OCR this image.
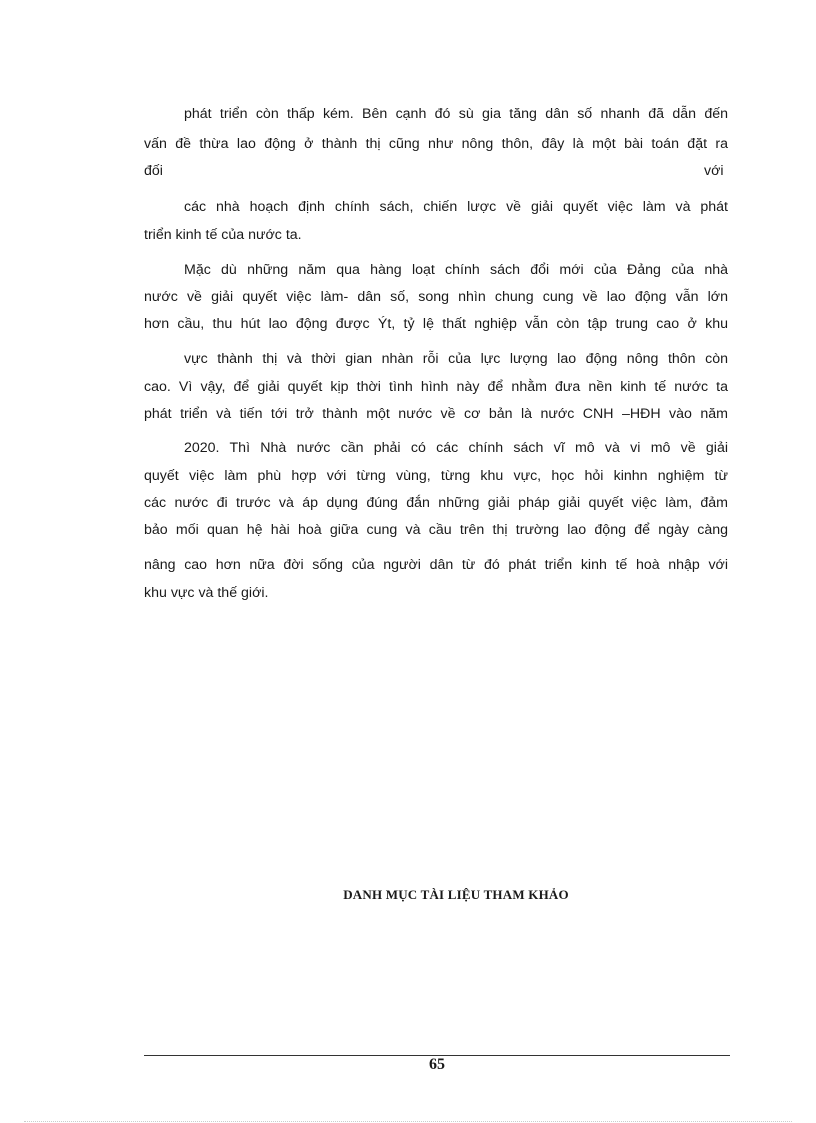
phát triển còn thấp kém. Bên cạnh đó sù gia tăng dân số nhanh đã dẫn đến
vấn đề thừa lao động ở thành thị cũng như nông thôn, đây là một bài toán đặt ra
đối	với
các nhà hoạch định chính sách, chiến lược về giải quyết việc làm và phát
triển kinh tế của nước ta.
Mặc dù những năm qua hàng loạt chính sách đổi mới của Đảng của nhà
nước về giải quyết việc làm- dân số, song nhìn chung cung về lao động vẫn lớn
hơn cầu, thu hút lao động được Ýt, tỷ lệ thất nghiệp vẫn còn tập trung cao ở khu
vực thành thị và thời gian nhàn rỗi của lực lượng lao động nông thôn còn
cao. Vì vậy, để giải quyết kịp thời tình hình này để nhằm đưa nền kinh tế nước ta
phát triển và tiến tới trở thành một nước về cơ bản là nước CNH –HĐH vào năm
2020. Thì Nhà nước cần phải có các chính sách vĩ mô và vi mô về giải
quyết việc làm phù hợp với từng vùng, từng khu vực, học hỏi kinhn nghiệm từ
các nước đi trước và áp dụng đúng đắn những giải pháp giải quyết việc làm, đảm
bảo mối quan hệ hài hoà giữa cung và cầu trên thị trường lao động để ngày càng
nâng cao hơn nữa đời sống của người dân từ đó phát triển kinh tế hoà nhập với
khu vực và thế giới.
DANH MỤC TÀI LIỆU THAM KHẢO
65
